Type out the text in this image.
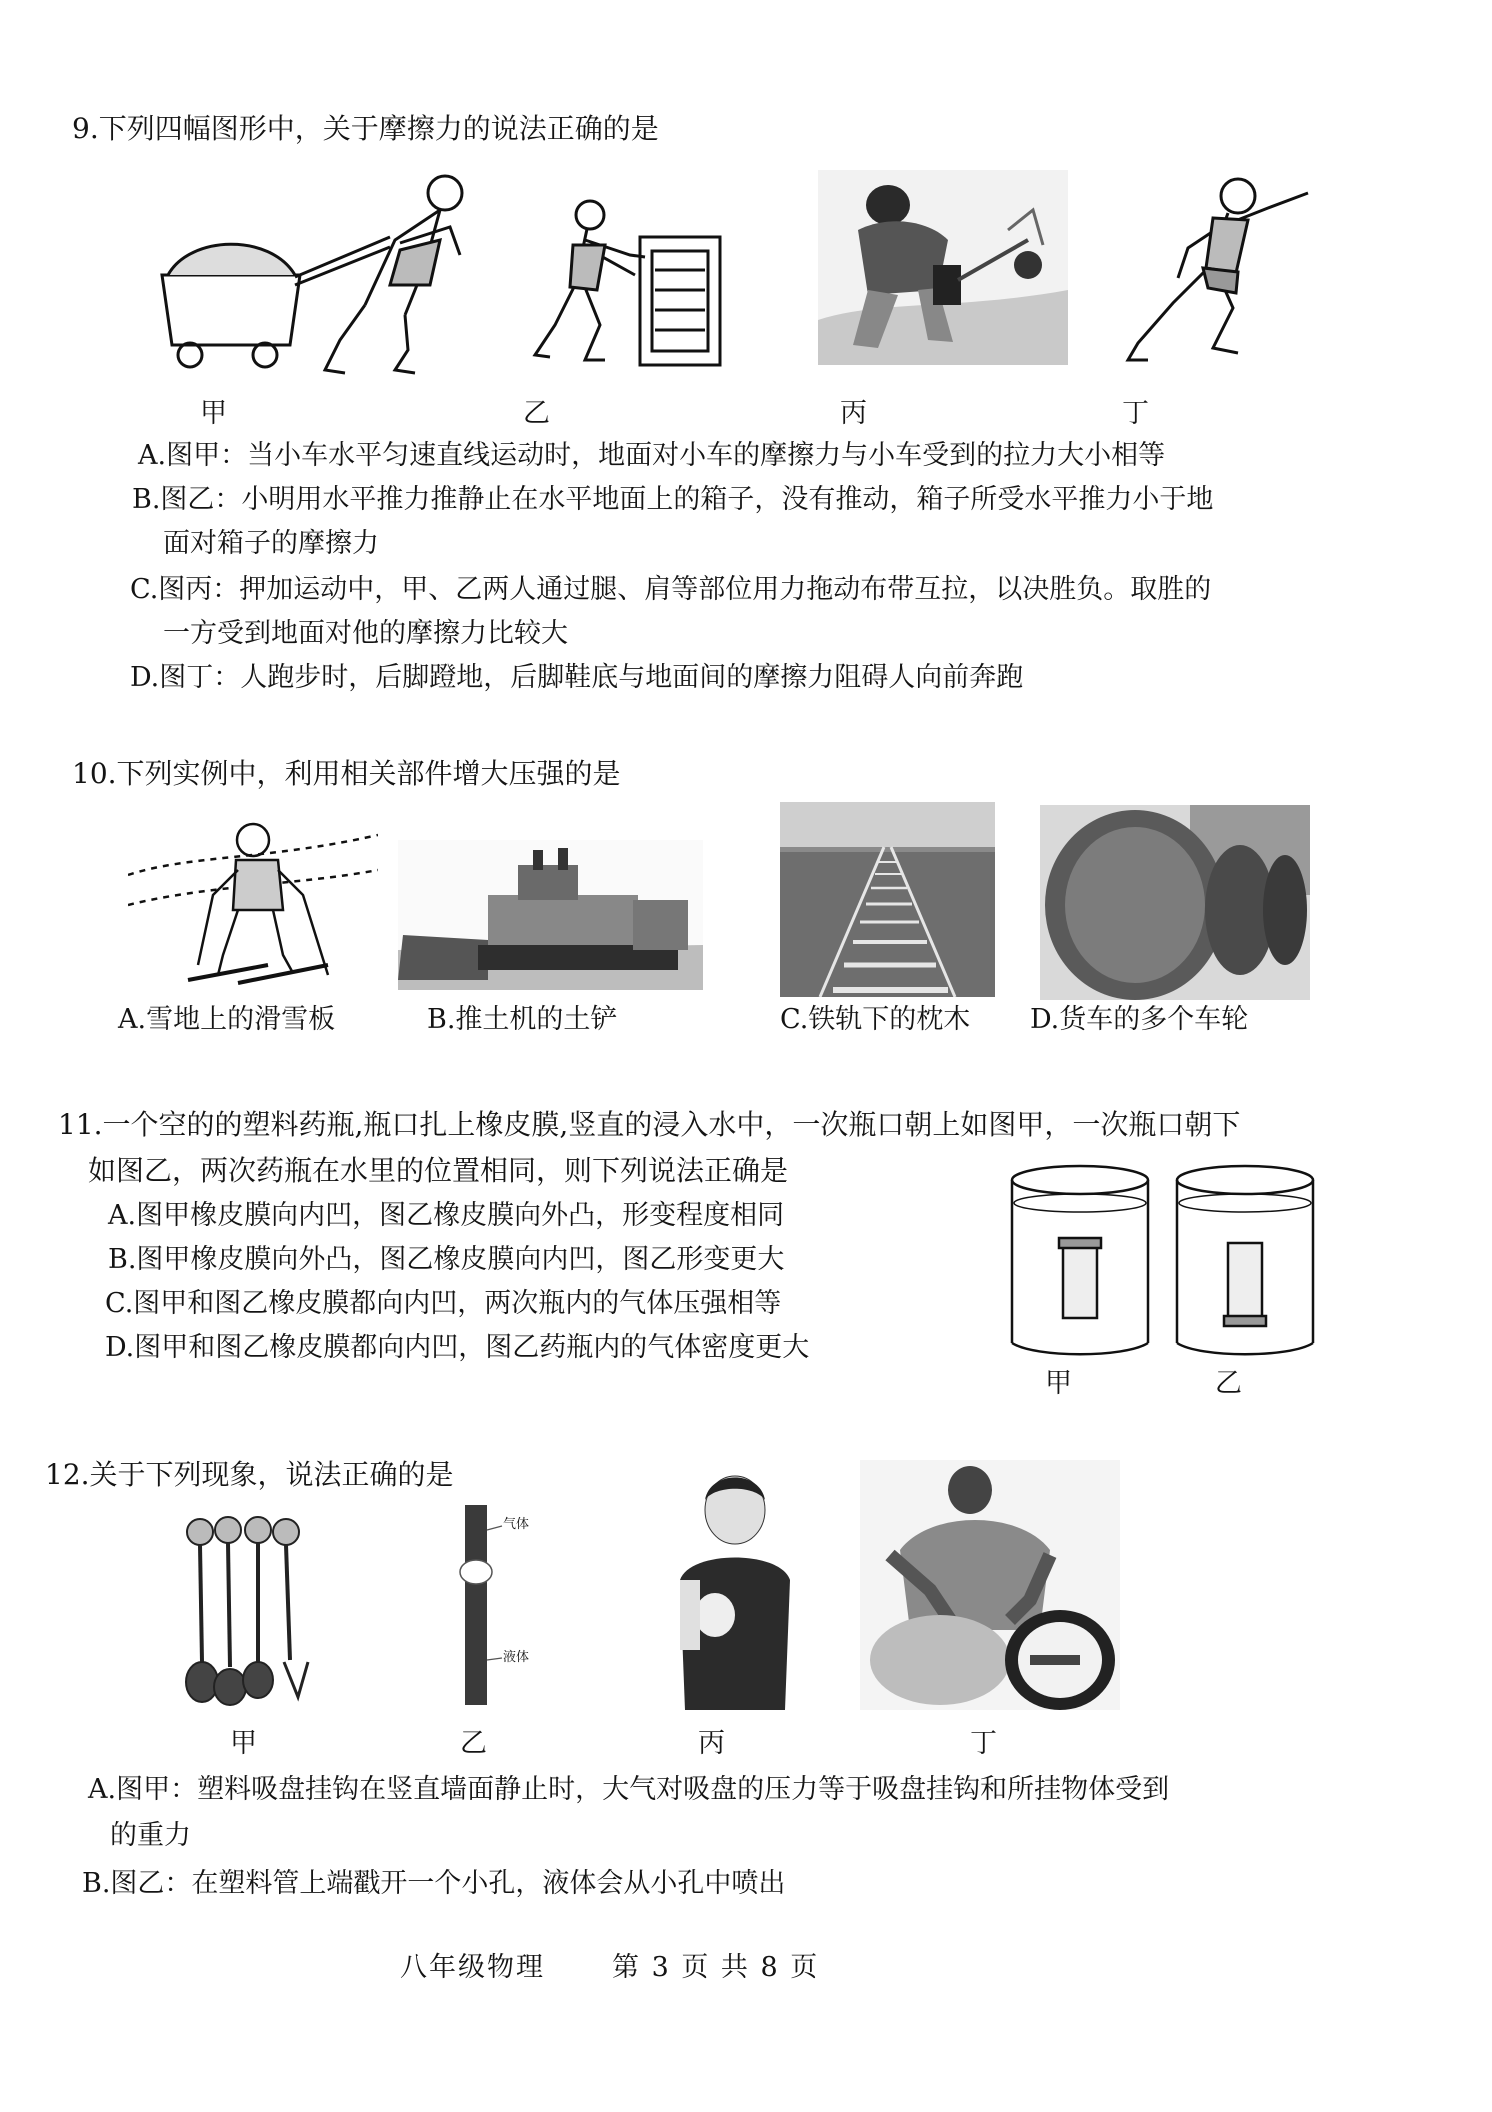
9.下列四幅图形中，关于摩擦力的说法正确的是
甲	乙	丙	丁
A.图甲：当小车水平匀速直线运动时，地面对小车的摩擦力与小车受到的拉力大小相等
B.图乙：小明用水平推力推静止在水平地面上的箱子，没有推动，箱子所受水平推力小于地
面对箱子的摩擦力
C.图丙：押加运动中，甲、乙两人通过腿、肩等部位用力拖动布带互拉，以决胜负。取胜的
一方受到地面对他的摩擦力比较大
D.图丁：人跑步时，后脚蹬地，后脚鞋底与地面间的摩擦力阻碍人向前奔跑
10.下列实例中，利用相关部件增大压强的是
A.雪地上的滑雪板	B.推土机的土铲	C.铁轨下的枕木 D.货车的多个车轮
11.一个空的的塑料药瓶,瓶口扎上橡皮膜,竖直的浸入水中，一次瓶口朝上如图甲，一次瓶口朝下
如图乙，两次药瓶在水里的位置相同，则下列说法正确是
A.图甲橡皮膜向内凹，图乙橡皮膜向外凸，形变程度相同
B.图甲橡皮膜向外凸，图乙橡皮膜向内凹，图乙形变更大
C.图甲和图乙橡皮膜都向内凹，两次瓶内的气体压强相等
D.图甲和图乙橡皮膜都向内凹，图乙药瓶内的气体密度更大
甲	乙
12.关于下列现象，说法正确的是
甲
气体
液体
乙	丙	丁
A.图甲：塑料吸盘挂钩在竖直墙面静止时，大气对吸盘的压力等于吸盘挂钩和所挂物体受到
的重力
B.图乙：在塑料管上端戳开一个小孔，液体会从小孔中喷出
八年级物理 第 3 页 共 8 页
